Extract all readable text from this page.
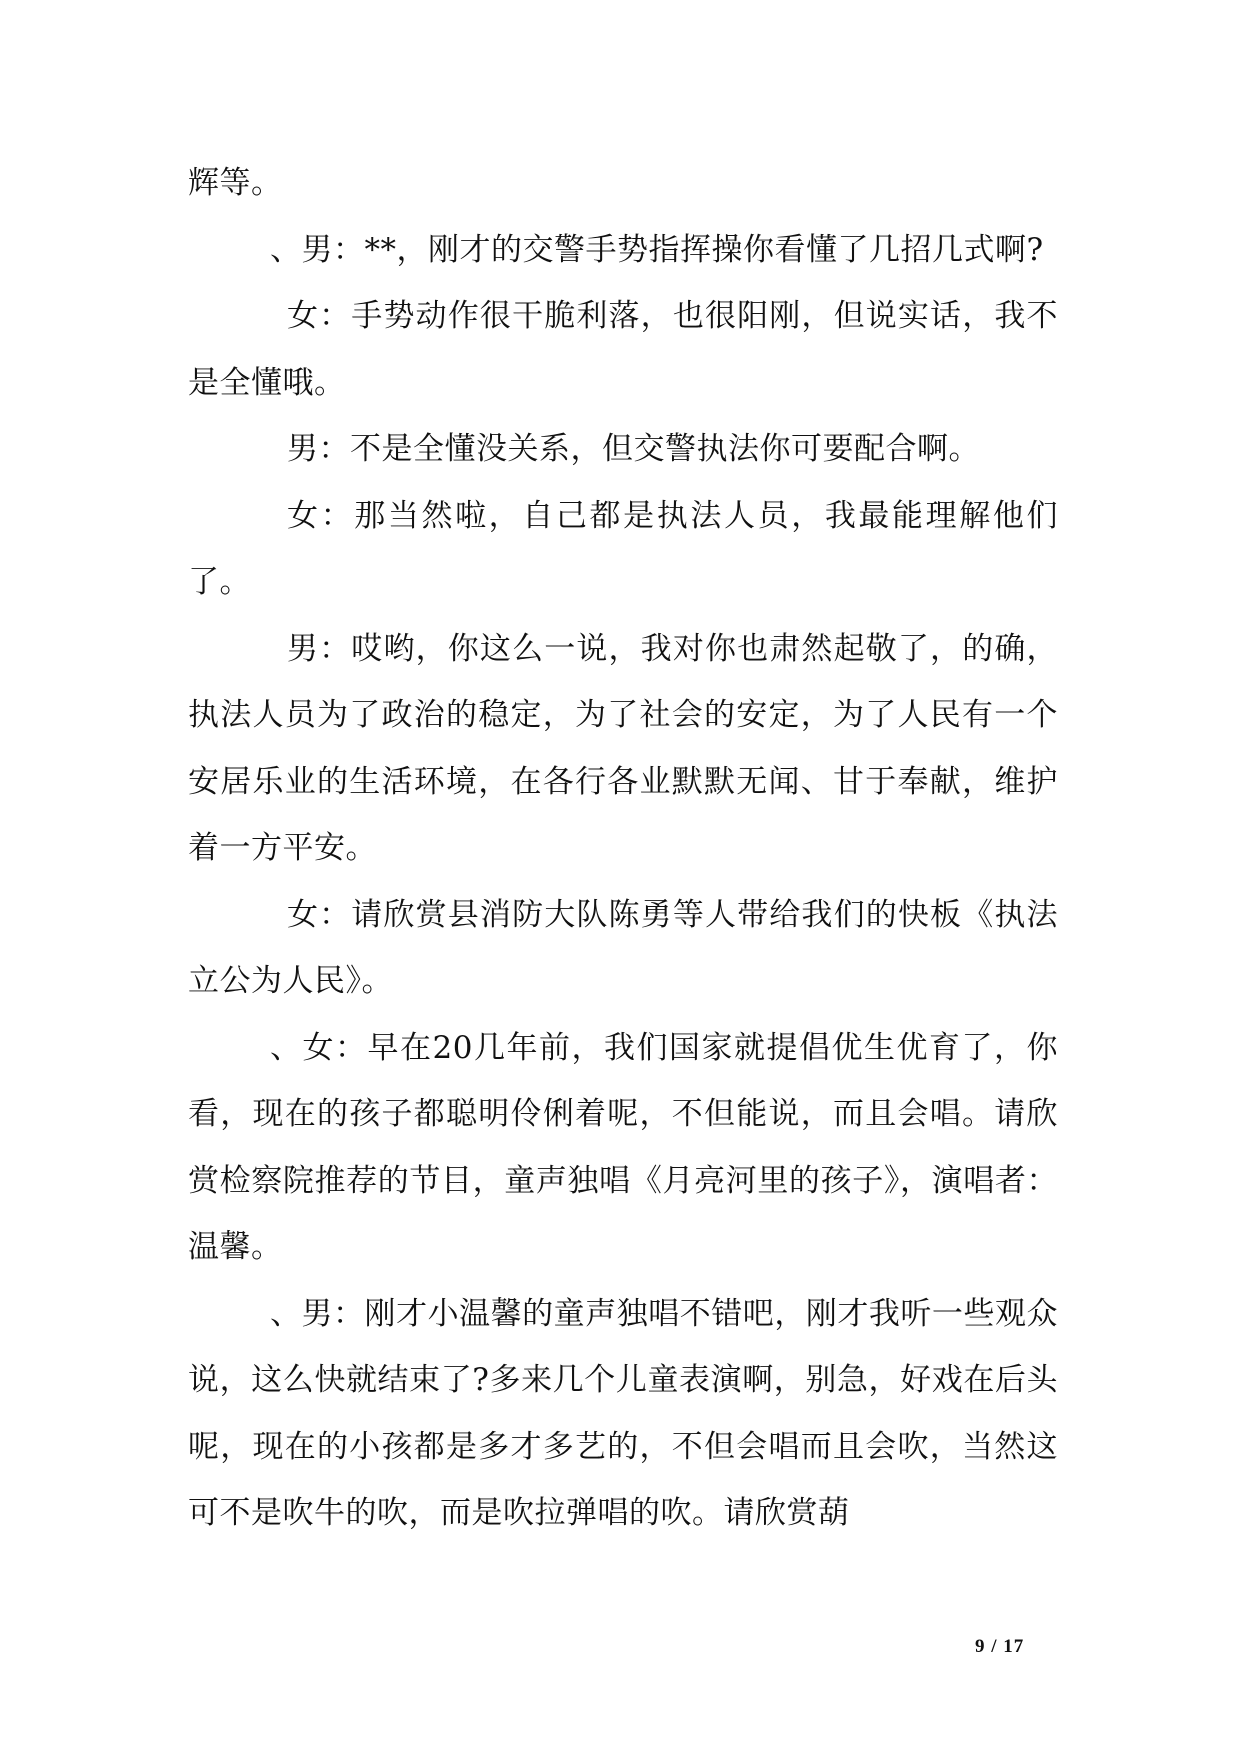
辉等。

、男：**，刚才的交警手势指挥操你看懂了几招几式啊?

女：手势动作很干脆利落，也很阳刚，但说实话，我不是全懂哦。

男：不是全懂没关系，但交警执法你可要配合啊。

女：那当然啦，自己都是执法人员，我最能理解他们了。

男：哎哟，你这么一说，我对你也肃然起敬了，的确，执法人员为了政治的稳定，为了社会的安定，为了人民有一个安居乐业的生活环境，在各行各业默默无闻、甘于奉献，维护着一方平安。

女：请欣赏县消防大队陈勇等人带给我们的快板《执法立公为人民》。

、女：早在20几年前，我们国家就提倡优生优育了，你看，现在的孩子都聪明伶俐着呢，不但能说，而且会唱。请欣赏检察院推荐的节目，童声独唱《月亮河里的孩子》，演唱者：温馨。

、男：刚才小温馨的童声独唱不错吧，刚才我听一些观众说，这么快就结束了?多来几个儿童表演啊，别急，好戏在后头呢，现在的小孩都是多才多艺的，不但会唱而且会吹，当然这可不是吹牛的吹，而是吹拉弹唱的吹。请欣赏葫

9 / 17
